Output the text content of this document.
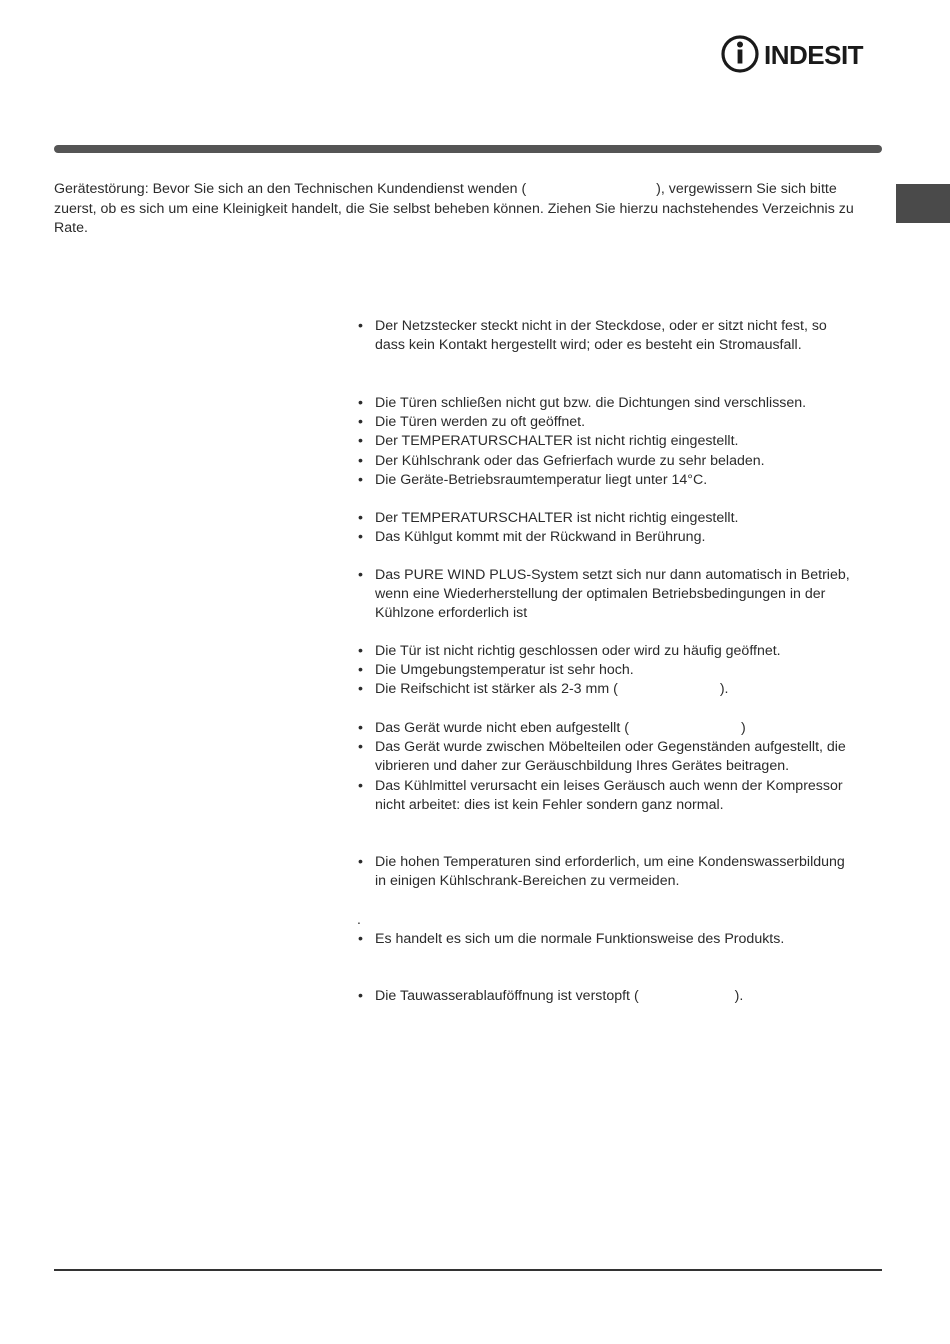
INDESIT

Gerätestörung: Bevor Sie sich an den Technischen Kundendienst wenden (	), vergewissern Sie sich bitte zuerst, ob es sich um eine Kleinigkeit handelt, die Sie selbst beheben können. Ziehen Sie hierzu nachstehendes Verzeichnis zu Rate.

• Der Netzstecker steckt nicht in der Steckdose, oder er sitzt nicht fest, so dass kein Kontakt hergestellt wird; oder es besteht ein Stromausfall.
• Die Türen schließen nicht gut bzw. die Dichtungen sind verschlissen.
• Die Türen werden zu oft geöffnet.
• Der TEMPERATURSCHALTER ist nicht richtig eingestellt.
• Der Kühlschrank oder das Gefrierfach wurde zu sehr beladen.
• Die Geräte-Betriebsraumtemperatur liegt unter 14°C.
• Der TEMPERATURSCHALTER ist nicht richtig eingestellt.
• Das Kühlgut kommt mit der Rückwand in Berührung.
• Das PURE WIND PLUS-System setzt sich nur dann automatisch in Betrieb, wenn eine Wiederherstellung der optimalen Betriebsbedingungen in der Kühlzone erforderlich ist
• Die Tür ist nicht richtig geschlossen oder wird zu häufig geöffnet.
• Die Umgebungstemperatur ist sehr hoch.
• Die Reifschicht ist stärker als 2-3 mm (	).
• Das Gerät wurde nicht eben aufgestellt (	)
• Das Gerät wurde zwischen Möbelteilen oder Gegenständen aufgestellt, die vibrieren und daher zur Geräuschbildung Ihres Gerätes beitragen.
• Das Kühlmittel verursacht ein leises Geräusch auch wenn der Kompressor nicht arbeitet: dies ist kein Fehler sondern ganz normal.
• Die hohen Temperaturen sind erforderlich, um eine Kondenswasserbildung in einigen Kühlschrank-Bereichen zu vermeiden.
.
• Es handelt es sich um die normale Funktionsweise des Produkts.
• Die Tauwasserablauföffnung ist verstopft (	).
